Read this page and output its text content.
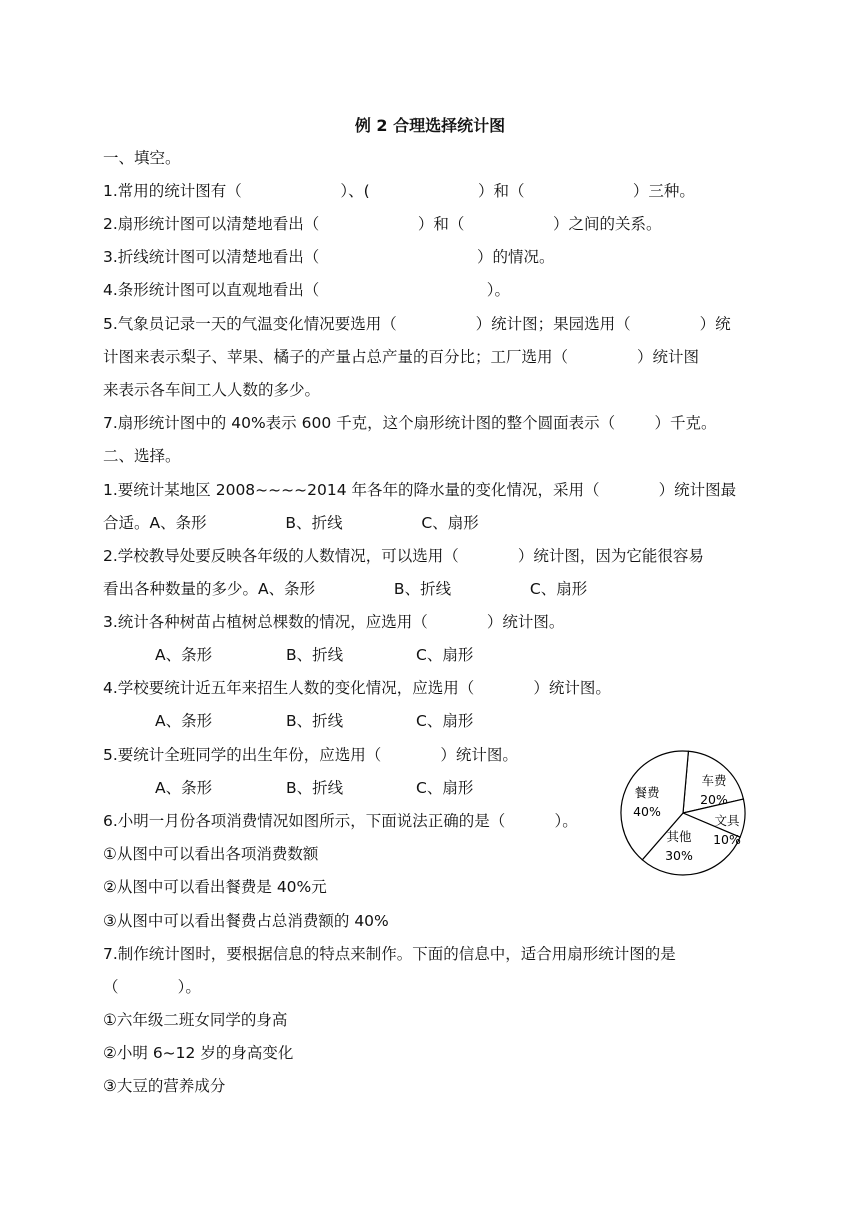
例 2 合理选择统计图
一、填空。
1.常用的统计图有（                    ）、(                      ）和（                      ）三种。
2.扇形统计图可以清楚地看出（                    ）和（                  ）之间的关系。
3.折线统计图可以清楚地看出（                                ）的情况。
4.条形统计图可以直观地看出（                                  ）。
5.气象员记录一天的气温变化情况要选用（                ）统计图；果园选用（              ）统
计图来表示梨子、苹果、橘子的产量占总产量的百分比；工厂选用（              ）统计图
来表示各车间工人人数的多少。
7.扇形统计图中的 40%表示 600 千克，这个扇形统计图的整个圆面表示（        ）千克。
二、选择。
1.要统计某地区 2008~~~~2014 年各年的降水量的变化情况，采用（            ）统计图最
合适。A、条形                B、折线                C、扇形
2.学校教导处要反映各年级的人数情况，可以选用（            ）统计图，因为它能很容易
看出各种数量的多少。A、条形                B、折线                C、扇形
3.统计各种树苗占植树总棵数的情况，应选用（            ）统计图。
A、条形	B、折线	C、扇形
4.学校要统计近五年来招生人数的变化情况，应选用（            ）统计图。
A、条形	B、折线	C、扇形
5.要统计全班同学的出生年份，应选用（            ）统计图。
A、条形	B、折线	C、扇形
6.小明一月份各项消费情况如图所示，下面说法正确的是（          ）。
①从图中可以看出各项消费数额
②从图中可以看出餐费是 40%元
③从图中可以看出餐费占总消费额的 40%
7.制作统计图时，要根据信息的特点来制作。下面的信息中，适合用扇形统计图的是
（            ）。
①六年级二班女同学的身高
②小明 6~12 岁的身高变化
③大豆的营养成分
车费
20%
文具
10%
其他
30%
餐费
40%
